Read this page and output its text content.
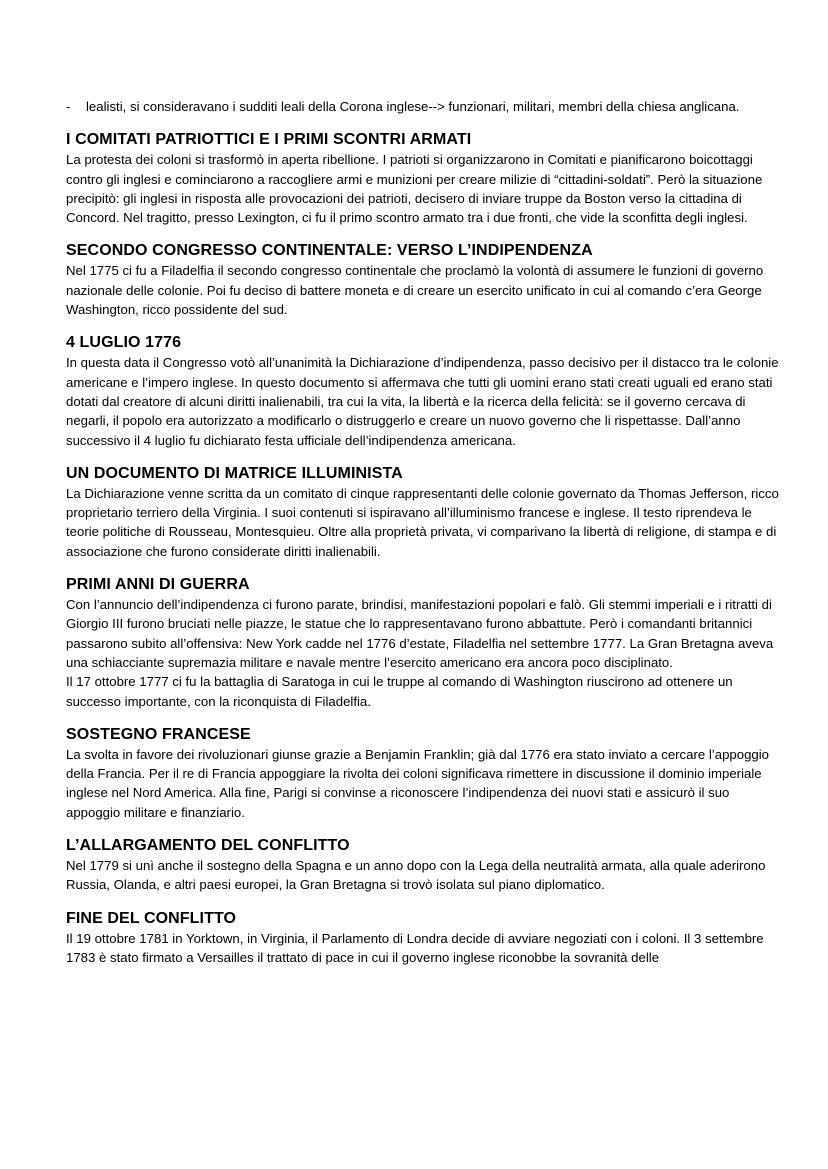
-	lealisti, si consideravano i sudditi leali della Corona inglese--> funzionari, militari, membri della chiesa anglicana.
I COMITATI PATRIOTTICI E I PRIMI SCONTRI ARMATI

La protesta dei coloni si trasformò in aperta ribellione. I patrioti si organizzarono in Comitati e pianificarono boicottaggi contro gli inglesi e cominciarono a raccogliere armi e munizioni per creare milizie di “cittadini-soldati”. Però la situazione precipitò: gli inglesi in risposta alle provocazioni dei patrioti, decisero di inviare truppe da Boston verso la cittadina di Concord. Nel tragitto, presso Lexington, ci fu il primo scontro armato tra i due fronti, che vide la sconfitta degli inglesi.

SECONDO CONGRESSO CONTINENTALE: VERSO L’INDIPENDENZA

Nel 1775 ci fu a Filadelfia il secondo congresso continentale che proclamò la volontà di assumere le funzioni di governo nazionale delle colonie. Poi fu deciso di battere moneta e di creare un esercito unificato in cui al comando c’era George Washington, ricco possidente del sud.

4 LUGLIO 1776

In questa data il Congresso votò all’unanimità la Dichiarazione d’indipendenza, passo decisivo per il distacco tra le colonie americane e l’impero inglese. In questo documento si affermava che tutti gli uomini erano stati creati uguali ed erano stati dotati dal creatore di alcuni diritti inalienabili, tra cui la vita, la libertà e la ricerca della felicità: se il governo cercava di negarli, il popolo era autorizzato a modificarlo o distruggerlo e creare un nuovo governo che li rispettasse. Dall’anno successivo il 4 luglio fu dichiarato festa ufficiale dell’indipendenza americana.

UN DOCUMENTO DI MATRICE ILLUMINISTA

La Dichiarazione venne scritta da un comitato di cinque rappresentanti delle colonie governato da Thomas Jefferson, ricco proprietario terriero della Virginia. I suoi contenuti si ispiravano all’illuminismo francese e inglese. Il testo riprendeva le teorie politiche di Rousseau, Montesquieu. Oltre alla proprietà privata, vi comparivano la libertà di religione, di stampa e di associazione che furono considerate diritti inalienabili.

PRIMI ANNI DI GUERRA

Con l’annuncio dell’indipendenza ci furono parate, brindisi, manifestazioni popolari e falò. Gli stemmi imperiali e i ritratti di Giorgio III furono bruciati nelle piazze, le statue che lo rappresentavano furono abbattute. Però i comandanti britannici passarono subito all’offensiva: New York cadde nel 1776 d’estate, Filadelfia nel settembre 1777. La Gran Bretagna aveva una schiacciante supremazia militare e navale mentre l’esercito americano era ancora poco disciplinato.

Il 17 ottobre 1777 ci fu la battaglia di Saratoga in cui le truppe al comando di Washington riuscirono ad ottenere un successo importante, con la riconquista di Filadelfia.

SOSTEGNO FRANCESE

La svolta in favore dei rivoluzionari giunse grazie a Benjamin Franklin; già dal 1776 era stato inviato a cercare l’appoggio della Francia. Per il re di Francia appoggiare la rivolta dei coloni significava rimettere in discussione il dominio imperiale inglese nel Nord America. Alla fine, Parigi si convinse a riconoscere l’indipendenza dei nuovi stati e assicurò il suo appoggio militare e finanziario.

L’ALLARGAMENTO DEL CONFLITTO

Nel 1779 si unì anche il sostegno della Spagna e un anno dopo con la Lega della neutralità armata, alla quale aderirono Russia, Olanda, e altri paesi europei, la Gran Bretagna si trovò isolata sul piano diplomatico.

FINE DEL CONFLITTO

Il 19 ottobre 1781 in Yorktown, in Virginia, il Parlamento di Londra decide di avviare negoziati con i coloni. Il 3 settembre 1783 è stato firmato a Versailles il trattato di pace in cui il governo inglese riconobbe la sovranità delle
